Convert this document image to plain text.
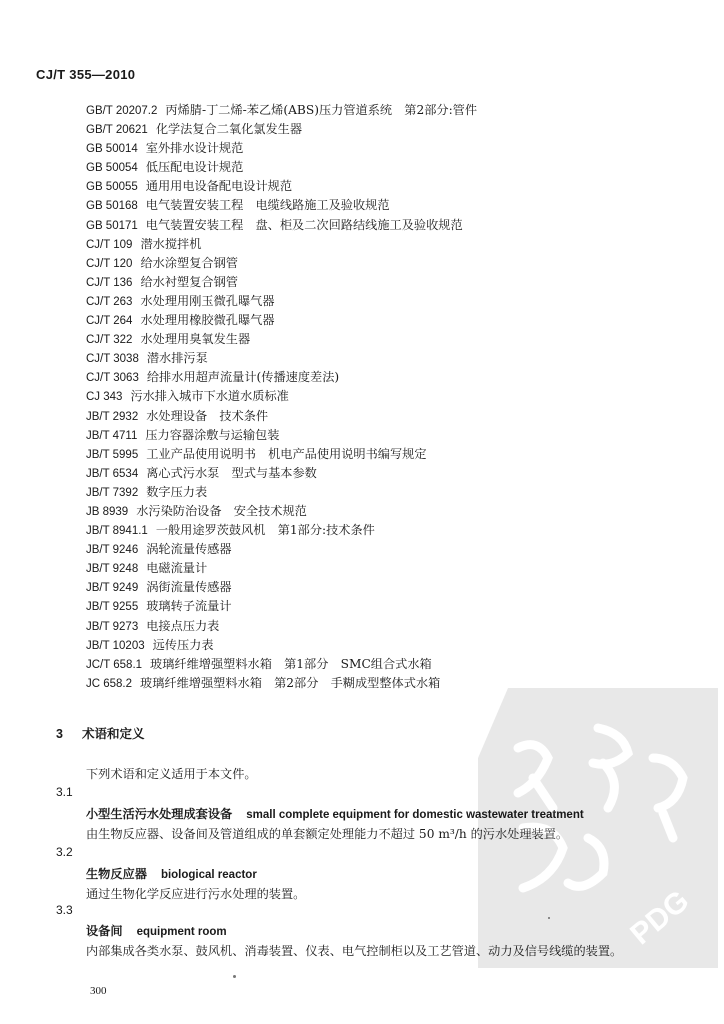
CJ/T 355—2010
GB/T 20207.2 丙烯腈-丁二烯-苯乙烯(ABS)压力管道系统　第2部分:管件
GB/T 20621 化学法复合二氧化氯发生器
GB 50014 室外排水设计规范
GB 50054 低压配电设计规范
GB 50055 通用用电设备配电设计规范
GB 50168 电气装置安装工程　电缆线路施工及验收规范
GB 50171 电气装置安装工程　盘、柜及二次回路结线施工及验收规范
CJ/T 109 潜水搅拌机
CJ/T 120 给水涂塑复合钢管
CJ/T 136 给水衬塑复合钢管
CJ/T 263 水处理用刚玉微孔曝气器
CJ/T 264 水处理用橡胶微孔曝气器
CJ/T 322 水处理用臭氧发生器
CJ/T 3038 潜水排污泵
CJ/T 3063 给排水用超声流量计(传播速度差法)
CJ 343 污水排入城市下水道水质标准
JB/T 2932 水处理设备　技术条件
JB/T 4711 压力容器涂敷与运输包装
JB/T 5995 工业产品使用说明书　机电产品使用说明书编写规定
JB/T 6534 离心式污水泵　型式与基本参数
JB/T 7392 数字压力表
JB 8939 水污染防治设备　安全技术规范
JB/T 8941.1 一般用途罗茨鼓风机　第1部分:技术条件
JB/T 9246 涡轮流量传感器
JB/T 9248 电磁流量计
JB/T 9249 涡街流量传感器
JB/T 9255 玻璃转子流量计
JB/T 9273 电接点压力表
JB/T 10203 远传压力表
JC/T 658.1 玻璃纤维增强塑料水箱　第1部分　SMC组合式水箱
JC 658.2 玻璃纤维增强塑料水箱　第2部分　手糊成型整体式水箱
3 术语和定义
下列术语和定义适用于本文件。
3.1
小型生活污水处理成套设备 small complete equipment for domestic wastewater treatment
由生物反应器、设备间及管道组成的单套额定处理能力不超过 50 m³/h 的污水处理装置。
3.2
生物反应器 biological reactor
通过生物化学反应进行污水处理的装置。
3.3
设备间 equipment room
内部集成各类水泵、鼓风机、消毒装置、仪表、电气控制柜以及工艺管道、动力及信号线缆的装置。
300
PDG
